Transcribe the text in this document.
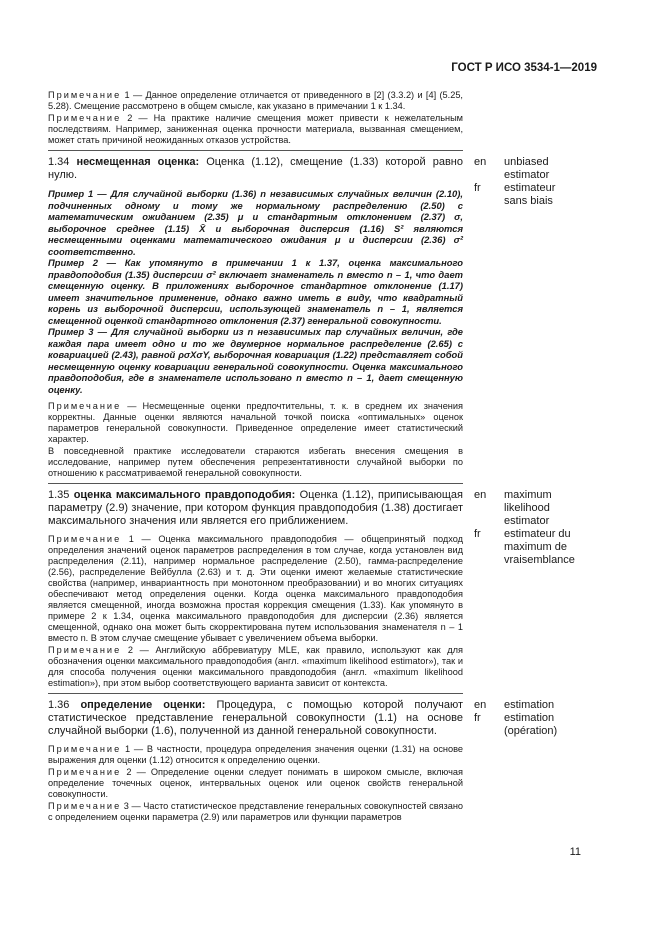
ГОСТ Р ИСО 3534-1—2019

Примечание 1 — Данное определение отличается от приведенного в [2] (3.3.2) и [4] (5.25, 5.28). Смещение рассмотрено в общем смысле, как указано в примечании 1 к 1.34.

Примечание 2 — На практике наличие смещения может привести к нежелательным последствиям. Например, заниженная оценка прочности материала, вызванная смещением, может стать причиной неожиданных отказов устройства.

1.34 несмещенная оценка: Оценка (1.12), смещение (1.33) которой равно нулю.

Пример 1 — Для случайной выборки (1.36) n независимых случайных величин (2.10), подчиненных одному и тому же нормальному распределению (2.50) с математическим ожиданием (2.35) μ и стандартным отклонением (2.37) σ, выборочное среднее (1.15) X̄ и выборочная дисперсия (1.16) S² являются несмещенными оценками математического ожидания μ и дисперсии (2.36) σ² соответственно.

Пример 2 — Как упомянуто в примечании 1 к 1.37, оценка максимального правдоподобия (1.35) дисперсии σ² включает знаменатель n вместо n – 1, что дает смещенную оценку. В приложениях выборочное стандартное отклонение (1.17) имеет значительное применение, однако важно иметь в виду, что квадратный корень из выборочной дисперсии, использующей знаменатель n – 1, является смещенной оценкой стандартного отклонения (2.37) генеральной совокупности.

Пример 3 — Для случайной выборки из n независимых пар случайных величин, где каждая пара имеет одно и то же двумерное нормальное распределение (2.65) с ковариацией (2.43), равной ρσXσY, выборочная ковариация (1.22) представляет собой несмещенную оценку ковариации генеральной совокупности. Оценка максимального правдоподобия, где в знаменателе использовано n вместо n – 1, дает смещенную оценку.

Примечание — Несмещенные оценки предпочтительны, т. к. в среднем их значения корректны. Данные оценки являются начальной точкой поиска «оптимальных» оценок параметров генеральной совокупности. Приведенное определение имеет статистический характер.

В повседневной практике исследователи стараются избегать внесения смещения в исследование, например путем обеспечения репрезентативности случайной выборки по отношению к рассматриваемой генеральной совокупности.

1.35 оценка максимального правдоподобия: Оценка (1.12), приписывающая параметру (2.9) значение, при котором функция правдоподобия (1.38) достигает максимального значения или является его приближением.

Примечание 1 — Оценка максимального правдоподобия — общепринятый подход определения значений оценок параметров распределения в том случае, когда установлен вид распределения (2.11), например нормальное распределение (2.50), гамма-распределение (2.56), распределение Вейбулла (2.63) и т. д. Эти оценки имеют желаемые статистические свойства (например, инвариантность при монотонном преобразовании) и во многих ситуациях обеспечивают метод определения оценки. Когда оценка максимального правдоподобия является смещенной, иногда возможна простая коррекция смещения (1.33). Как упомянуто в примере 2 к 1.34, оценка максимального правдоподобия для дисперсии (2.36) является смещенной, однако она может быть скорректирована путем использования знаменателя n – 1 вместо n. В этом случае смещение убывает с увеличением объема выборки.

Примечание 2 — Английскую аббревиатуру MLE, как правило, используют как для обозначения оценки максимального правдоподобия (англ. «maximum likelihood estimator»), так и для способа получения оценки максимального правдоподобия (англ. «maximum likelihood estimation»), при этом выбор соответствующего варианта зависит от контекста.

1.36 определение оценки: Процедура, с помощью которой получают статистическое представление генеральной совокупности (1.1) на основе случайной выборки (1.6), полученной из данной генеральной совокупности.

Примечание 1 — В частности, процедура определения значения оценки (1.31) на основе выражения для оценки (1.12) относится к определению оценки.

Примечание 2 — Определение оценки следует понимать в широком смысле, включая определение точечных оценок, интервальных оценок или оценок свойств генеральной совокупности.

Примечание 3 — Часто статистическое представление генеральных совокупностей связано с определением оценки параметра (2.9) или параметров или функции параметров

en	unbiased
estimator
fr	estimateur
sans biais
en	maximum
likelihood
estimator
fr	estimateur du
maximum de
vraisemblance
en	estimation
fr	estimation
(opération)
11
